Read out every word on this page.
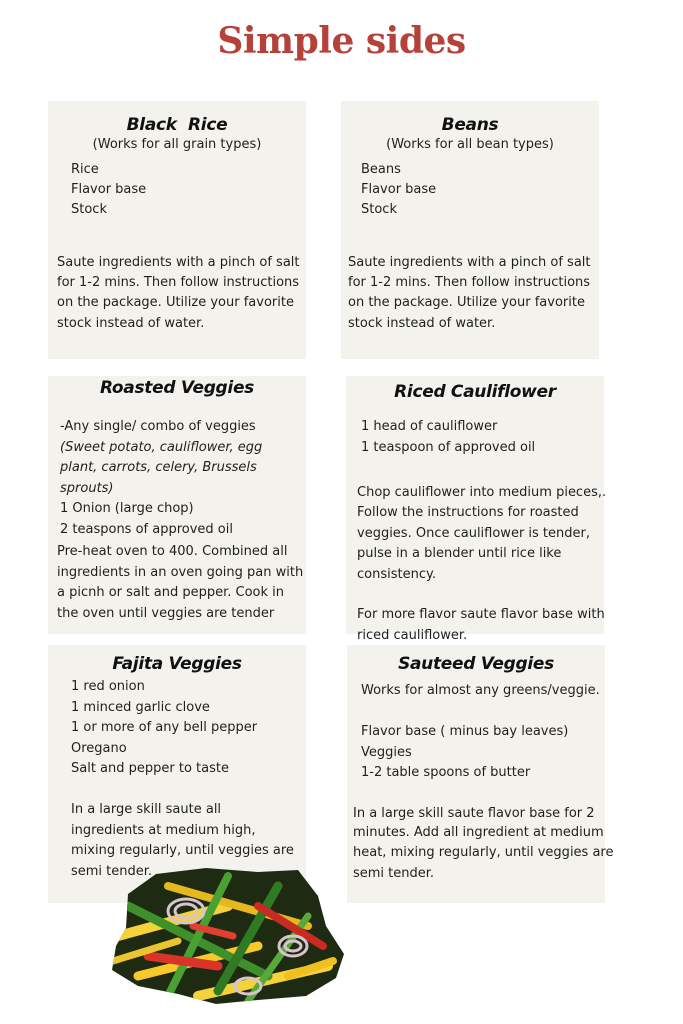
Simple sides
Black  Rice
(Works for all grain types)
Rice
Flavor base
Stock
Saute ingredients with a pinch of salt
for 1-2 mins. Then follow instructions
on the package. Utilize your favorite
stock instead of water.
Beans
(Works for all bean types)
Beans
Flavor base
Stock
Saute ingredients with a pinch of salt
for 1-2 mins. Then follow instructions
on the package. Utilize your favorite
stock instead of water.
Roasted Veggies
-Any single/ combo of veggies
(Sweet potato, cauliflower, egg
plant, carrots, celery, Brussels
sprouts)
1 Onion (large chop)
2 teaspons of approved oil
Pre-heat oven to 400. Combined all
ingredients in an oven going pan with
a picnh or salt and pepper. Cook in
the oven until veggies are tender
Riced Cauliflower
1 head of cauliflower
1 teaspoon of approved oil
Chop cauliflower into medium pieces,.
Follow the instructions for roasted
veggies. Once cauliflower is tender,
pulse in a blender until rice like
consistency.
For more flavor saute flavor base with
riced cauliflower.
Fajita Veggies
1 red onion
1 minced garlic clove
1 or more of any bell pepper
Oregano
Salt and pepper to taste
In a large skill saute all
ingredients at medium high,
mixing regularly, until veggies are
semi tender.
Sauteed Veggies
Works for almost any greens/veggie.
Flavor base ( minus bay leaves)
Veggies
1-2 table spoons of butter
In a large skill saute flavor base for 2
minutes. Add all ingredient at medium
heat, mixing regularly, until veggies are
semi tender.
